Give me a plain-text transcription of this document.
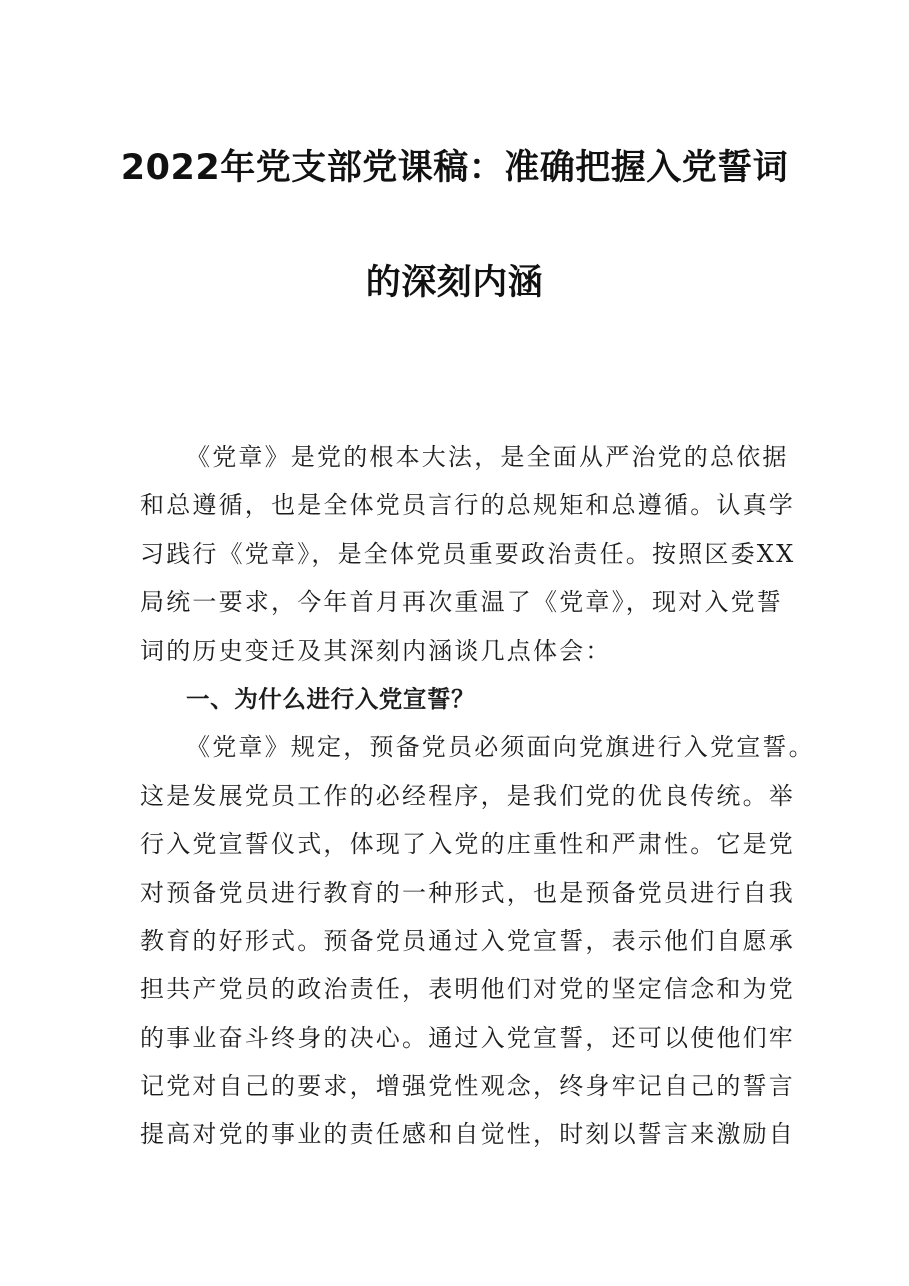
2022年党支部党课稿：准确把握入党誓词
的深刻内涵
《党章》是党的根本大法，是全面从严治党的总依据
和总遵循，也是全体党员言行的总规矩和总遵循。认真学
习践行《党章》，是全体党员重要政治责任。按照区委XX
局统一要求，今年首月再次重温了《党章》，现对入党誓
词的历史变迁及其深刻内涵谈几点体会：
一、为什么进行入党宣誓？
《党章》规定，预备党员必须面向党旗进行入党宣誓。
这是发展党员工作的必经程序，是我们党的优良传统。举
行入党宣誓仪式，体现了入党的庄重性和严肃性。它是党
对预备党员进行教育的一种形式，也是预备党员进行自我
教育的好形式。预备党员通过入党宣誓，表示他们自愿承
担共产党员的政治责任，表明他们对党的坚定信念和为党
的事业奋斗终身的决心。通过入党宣誓，还可以使他们牢
记党对自己的要求，增强党性观念，终身牢记自己的誓言
提高对党的事业的责任感和自觉性，时刻以誓言来激励自
